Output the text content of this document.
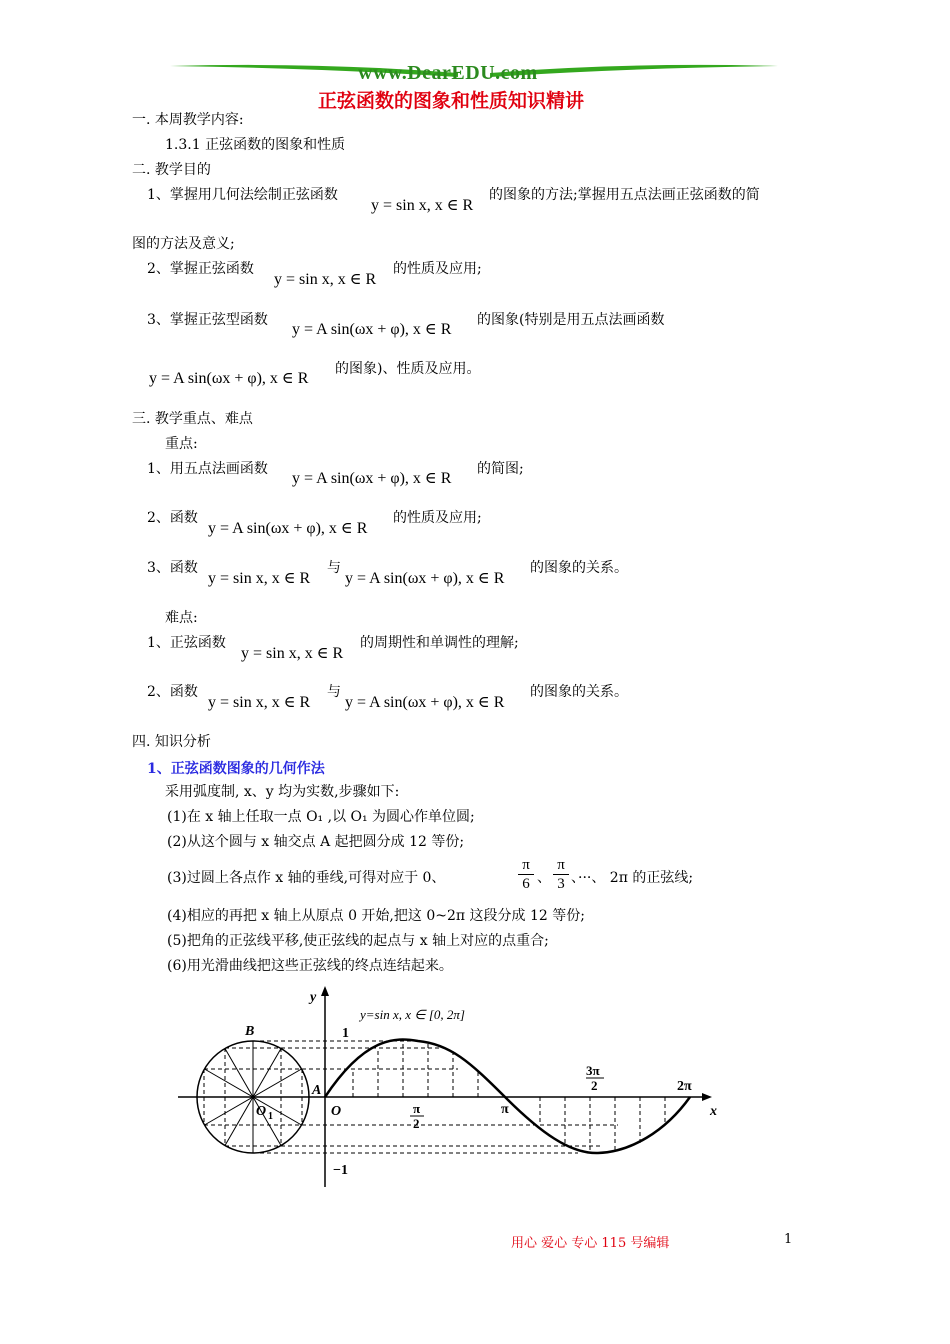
www.DearEDU.com
正弦函数的图象和性质知识精讲
一. 本周教学内容:
1.3.1 正弦函数的图象和性质
二. 教学目的
1、掌握用几何法绘制正弦函数
y = sin x, x ∈ R
的图象的方法;掌握用五点法画正弦函数的简
图的方法及意义;
2、掌握正弦函数
y = sin x, x ∈ R
的性质及应用;
3、掌握正弦型函数
y = A sin(ωx + φ), x ∈ R
的图象(特别是用五点法画函数
y = A sin(ωx + φ), x ∈ R
的图象)、性质及应用。
三. 教学重点、难点
重点:
1、用五点法画函数
y = A sin(ωx + φ), x ∈ R
的简图;
2、函数
y = A sin(ωx + φ), x ∈ R
的性质及应用;
3、函数
y = sin x, x ∈ R
与
y = A sin(ωx + φ), x ∈ R
的图象的关系。
难点:
1、正弦函数
y = sin x, x ∈ R
的周期性和单调性的理解;
2、函数
y = sin x, x ∈ R
与
y = A sin(ωx + φ), x ∈ R
的图象的关系。
四. 知识分析
1、正弦函数图象的几何作法
采用弧度制, x、y 均为实数,步骤如下:
(1)在 x 轴上任取一点 O₁ ,以 O₁ 为圆心作单位圆;
(2)从这个圆与 x 轴交点 A 起把圆分成 12 等份;
(3)过圆上各点作 x 轴的垂线,可得对应于 0、
π
6 、
π
3 、···、 2π 的正弦线;
(4)相应的再把 x 轴上从原点 0 开始,把这 0~2π 这段分成 12 等份;
(5)把角的正弦线平移,使正弦线的起点与 x 轴上对应的点重合;
(6)用光滑曲线把这些正弦线的终点连结起来。
y=sin x, x ∈ [0, 2π]
y
x
1
−1
B
A
O
O 1
π
2
π
3π
2	2π
用心 爱心 专心 115 号编辑	1
